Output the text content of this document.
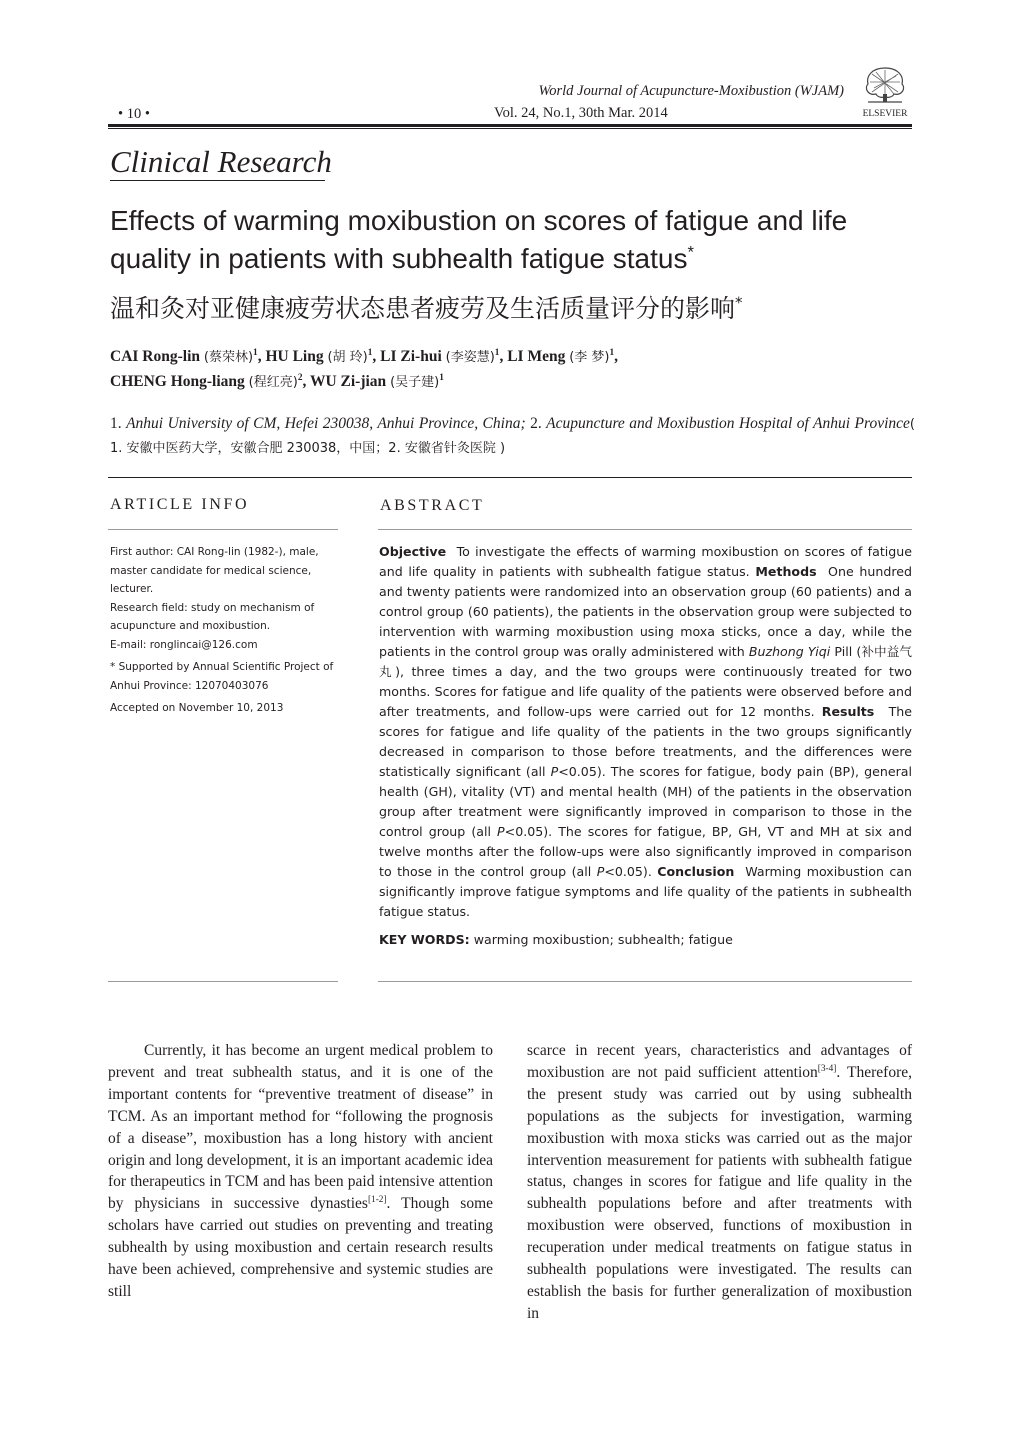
World Journal of Acupuncture-Moxibustion (WJAM)
Vol. 24, No.1, 30th Mar. 2014
• 10 •	ELSEVIER
Clinical Research
Effects of warming moxibustion on scores of fatigue and life quality in patients with subhealth fatigue status*
温和灸对亚健康疲劳状态患者疲劳及生活质量评分的影响*
CAI Rong-lin (蔡荣林)$^1$, HU Ling (胡 玲)$^1$, LI Zi-hui (李姿慧)$^1$, LI Meng (李 梦)$^1$,
CHENG Hong-liang (程红亮)$^2$, WU Zi-jian (吴子建)$^1$
1. Anhui University of CM, Hefei 230038, Anhui Province, China; 2. Acupuncture and Moxibustion Hospital of Anhui Province( 1. 安徽中医药大学，安徽合肥 230038，中国；2. 安徽省针灸医院 )
ARTICLE INFO	ABSTRACT

First author: CAI Rong-lin (1982-), male, master candidate for medical science, lecturer.

Research field: study on mechanism of acupuncture and moxibustion.

E-mail: ronglincai@126.com

* Supported by Annual Scientific Project of Anhui Province: 12070403076

Accepted on November 10, 2013

Objective To investigate the effects of warming moxibustion on scores of fatigue and life quality in patients with subhealth fatigue status. Methods One hundred and twenty patients were randomized into an observation group (60 patients) and a control group (60 patients), the patients in the observation group were subjected to intervention with warming moxibustion using moxa sticks, once a day, while the patients in the control group was orally administered with Buzhong Yiqi Pill (补中益气丸), three times a day, and the two groups were continuously treated for two months. Scores for fatigue and life quality of the patients were observed before and after treatments, and follow-ups were carried out for 12 months. Results The scores for fatigue and life quality of the patients in the two groups significantly decreased in comparison to those before treatments, and the differences were statistically significant (all P<0.05). The scores for fatigue, body pain (BP), general health (GH), vitality (VT) and mental health (MH) of the patients in the observation group after treatment were significantly improved in comparison to those in the control group (all P<0.05). The scores for fatigue, BP, GH, VT and MH at six and twelve months after the follow-ups were also significantly improved in comparison to those in the control group (all P<0.05). Conclusion Warming moxibustion can significantly improve fatigue symptoms and life quality of the patients in subhealth fatigue status.

KEY WORDS: warming moxibustion; subhealth; fatigue

Currently, it has become an urgent medical problem to prevent and treat subhealth status, and it is one of the important contents for “preventive treatment of disease” in TCM. As an important method for “following the prognosis of a disease”, moxibustion has a long history with ancient origin and long development, it is an important academic idea for therapeutics in TCM and has been paid intensive attention by physicians in successive dynasties[1-2]. Though some scholars have carried out studies on preventing and treating subhealth by using moxibustion and certain research results have been achieved, comprehensive and systemic studies are still

scarce in recent years, characteristics and advantages of moxibustion are not paid sufficient attention[3-4]. Therefore, the present study was carried out by using subhealth populations as the subjects for investigation, warming moxibustion with moxa sticks was carried out as the major intervention measurement for patients with subhealth fatigue status, changes in scores for fatigue and life quality in the subhealth populations before and after treatments with moxibustion were observed, functions of moxibustion in recuperation under medical treatments on fatigue status in subhealth populations were investigated. The results can establish the basis for further generalization of moxibustion in
